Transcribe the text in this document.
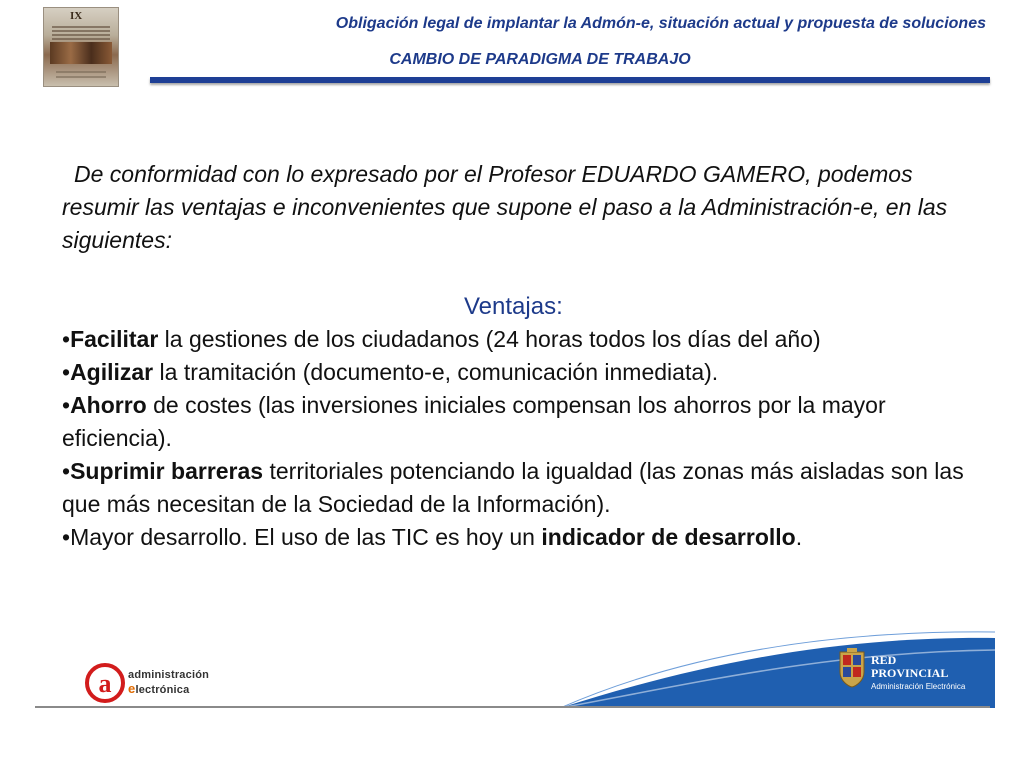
IX	Obligación legal de implantar la Admón-e, situación actual y propuesta de soluciones
CAMBIO DE PARADIGMA DE TRABAJO

De conformidad con lo expresado por el Profesor EDUARDO GAMERO, podemos resumir las ventajas e inconvenientes que supone el paso a la Administración-e, en las siguientes:

Ventajas:

•Facilitar la gestiones de los ciudadanos (24 horas todos los días del año)

•Agilizar la tramitación (documento-e, comunicación inmediata).

•Ahorro de costes (las inversiones iniciales compensan los ahorros por la mayor eficiencia).

•Suprimir barreras territoriales potenciando la igualdad (las zonas más aisladas son las que más necesitan de la Sociedad de la Información).

•Mayor desarrollo. El uso de las TIC es hoy un indicador de desarrollo.

a administración
electrónica
RED
PROVINCIAL
Administración Electrónica
